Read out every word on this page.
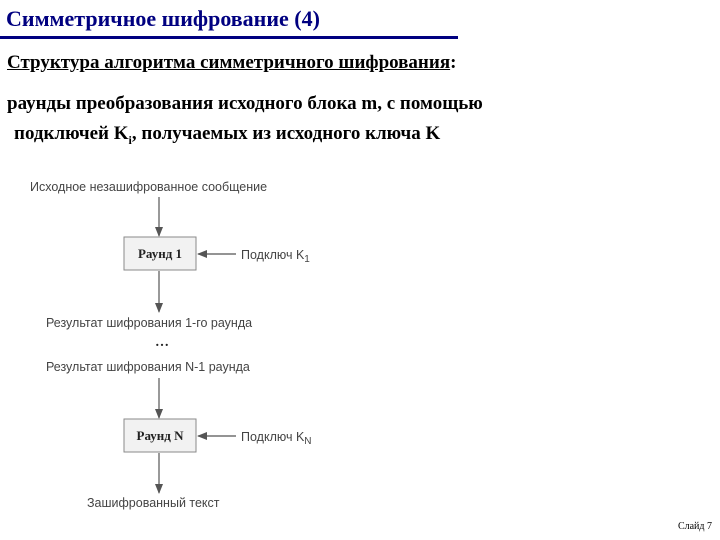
Симметричное шифрование (4)
Структура алгоритма симметричного шифрования:
раунды преобразования исходного блока m, с помощью
подключей $K_i$, получаемых из исходного ключа K
Исходное незашифрованное сообщение
Раунд 1	Подключ $K_1$
Результат шифрования 1-го раунда
…
Результат шифрования N-1 раунда
Раунд N	Подключ $K_N$
Зашифрованный текст
Слайд 7
